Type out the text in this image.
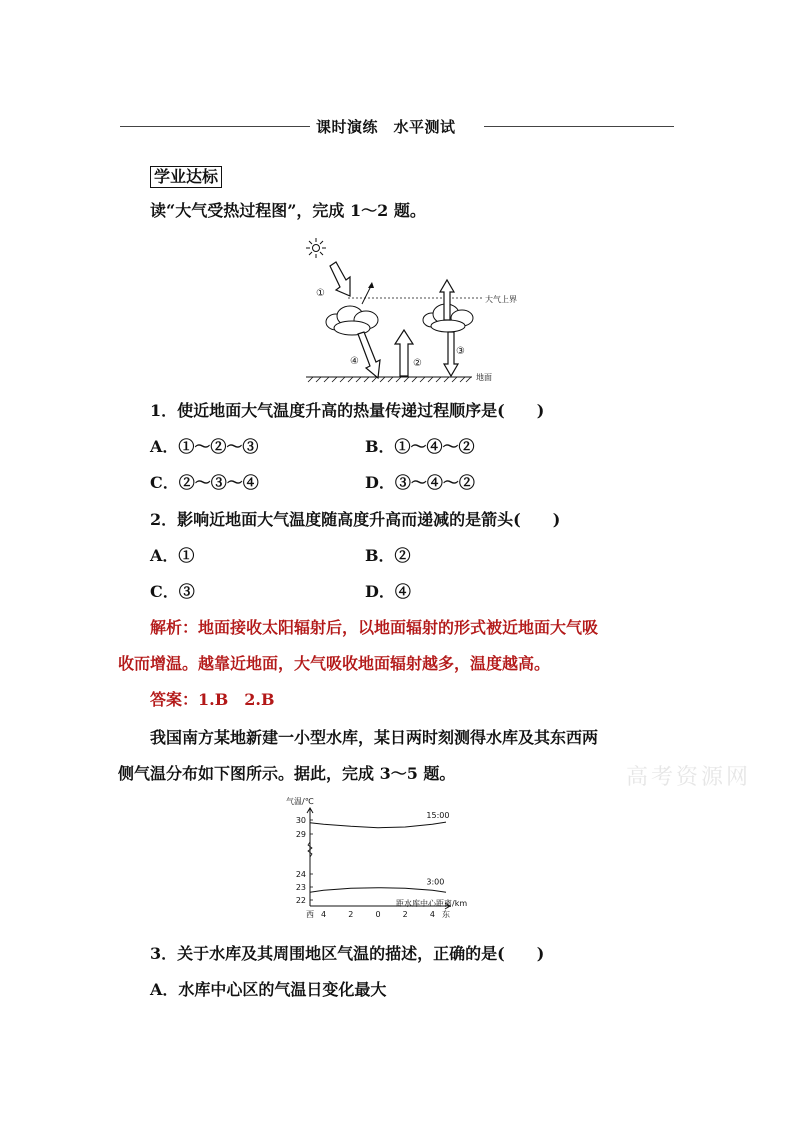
课时演练　水平测试
学业达标
读“大气受热过程图”，完成 1～2 题。
大气上界
①
④	②
③
地面
1．使近地面大气温度升高的热量传递过程顺序是(　　)
A．①～②～③	B．①～④～②
C．②～③～④	D．③～④～②
2．影响近地面大气温度随高度升高而递减的是箭头(　　)
A．①	B．②
C．③	D．④
解析：地面接收太阳辐射后，以地面辐射的形式被近地面大气吸
收而增温。越靠近地面，大气吸收地面辐射越多，温度越高。
答案：1.B　2.B
我国南方某地新建一小型水库，某日两时刻测得水库及其东西两
侧气温分布如下图所示。据此，完成 3～5 题。	高考资源网
气温/℃
30
29
24
23
22
西 4	2	0	2	4 东
距水库中心距离/km
15:00
3:00
3．关于水库及其周围地区气温的描述，正确的是(　　)
A．水库中心区的气温日变化最大
